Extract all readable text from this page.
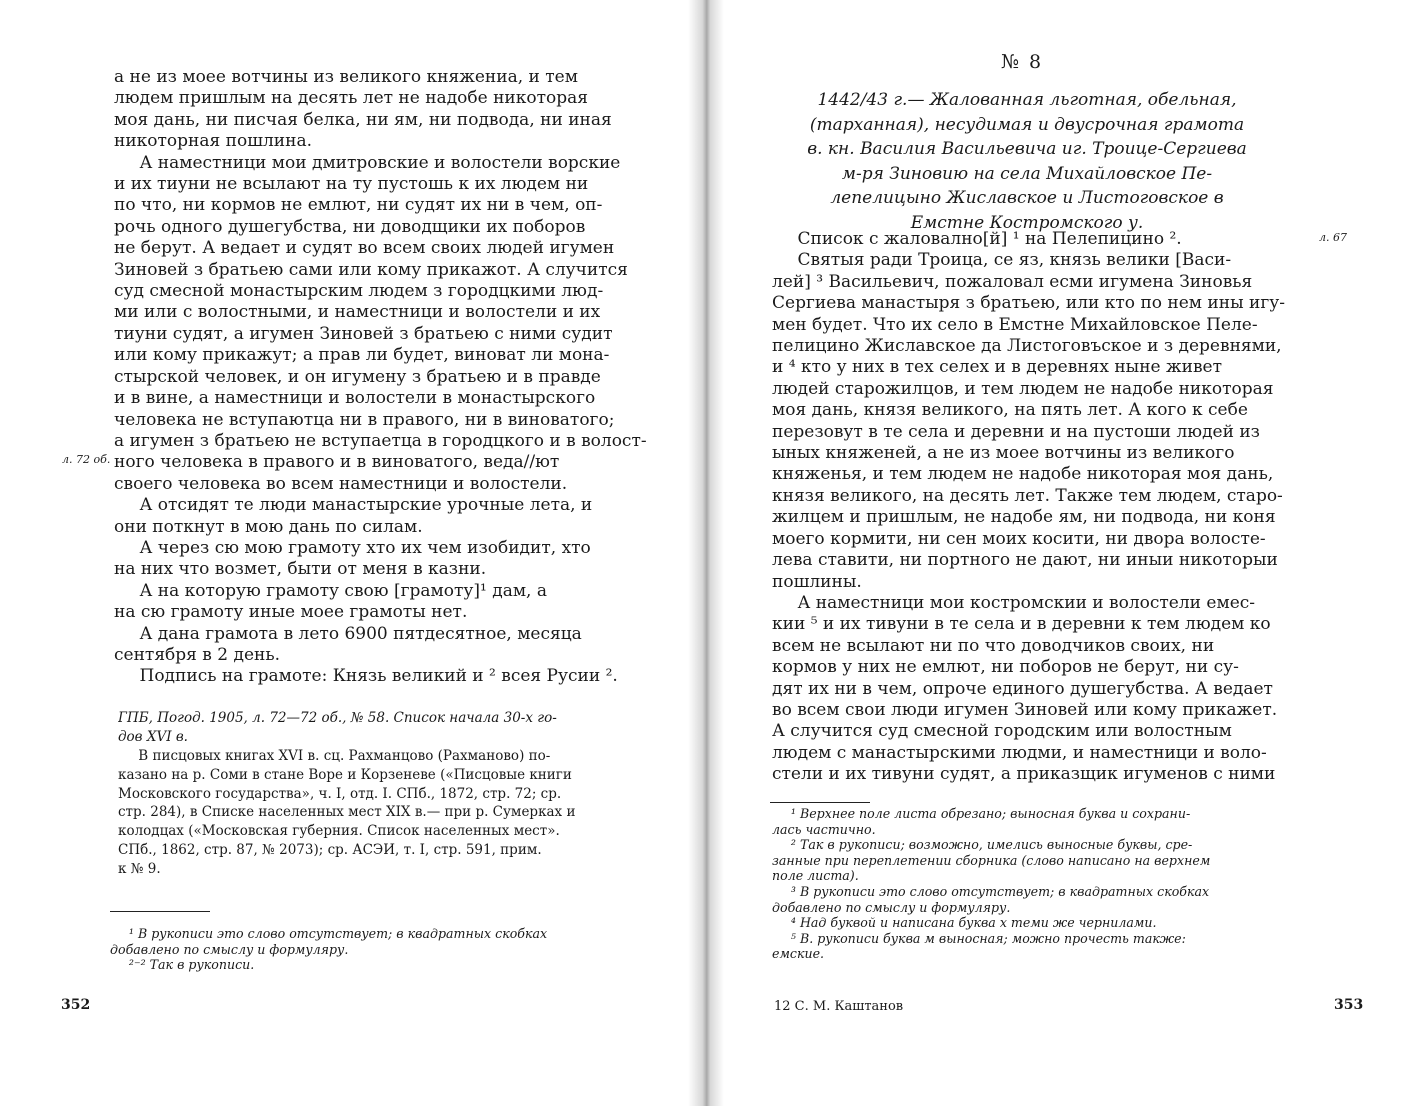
а не из моее вотчины из великого княжениа, и тем
людем пришлым на десять лет не надобе никоторая
моя дань, ни писчая белка, ни ям, ни подвода, ни иная
никоторная пошлина.
  А наместници мои дмитровские и волостели ворские
и их тиуни не всылают на ту пустошь к их людем ни
по что, ни кормов не емлют, ни судят их ни в чем, оп-
рочь одного душегубства, ни доводщики их поборов
не берут. А ведает и судят во всем своих людей игумен
Зиновей з братьею сами или кому прикажот. А случится
суд смесной монастырским людем з городцкими люд-
ми или с волостными, и наместници и волостели и их
тиуни судят, а игумен Зиновей з братьею с ними судит
или кому прикажут; а прав ли будет, виноват ли мона-
стырской человек, и он игумену з братьею и в правде
и в вине, а наместници и волостели в монастырского
человека не вступаютца ни в правого, ни в виноватого;
а игумен з братьею не вступаетца в городцкого и в волост-
ного человека в правого и в виноватого, веда//ют
своего человека во всем наместници и волостели.
  А отсидят те люди манастырские урочные лета, и
они поткнут в мою дань по силам.
  А через сю мою грамоту хто их чем изобидит, хто
на них что возмет, быти от меня в казни.
  А на которую грамоту свою [грамоту]¹ дам, а
на сю грамоту иные моее грамоты нет.
  А дана грамота в лето 6900 пятдесятное, месяца
сентября в 2 день.
  Подпись на грамоте: Князь великий и ² всея Русии ².
л. 72 об.
ГПБ, Погод. 1905, л. 72—72 об., № 58. Список начала 30-х го-
дов XVI в.
  В писцовых книгах XVI в. сц. Рахманцово (Рахманово) по-
казано на р. Соми в стане Воре и Корзеневе («Писцовые книги
Московского государства», ч. I, отд. I. СПб., 1872, стр. 72; ср.
стр. 284), в Списке населенных мест XIX в.— при р. Сумерках и
колодцах («Московская губерния. Список населенных мест».
СПб., 1862, стр. 87, № 2073); ср. АСЭИ, т. I, стр. 591, прим.
к № 9.
  ¹ В рукописи это слово отсутствует; в квадратных скобках
добавлено по смыслу и формуляру.
  ²⁻² Так в рукописи.
352
№ 8
1442/43 г.— Жалованная льготная, обельная,
(тарханная), несудимая и двусрочная грамота
в. кн. Василия Васильевича иг. Троице-Сергиева
м-ря Зиновию на села Михайловское Пе-
лепелицыно Жиславское и Листоговское в
Емстне Костромского у.
л. 67
  Список с жаловално[й] ¹ на Пелепицино ².
  Святыя ради Троица, се яз, князь велики [Васи-
лей] ³ Васильевич, пожаловал есми игумена Зиновья
Сергиева манастыря з братьею, или кто по нем ины игу-
мен будет. Что их село в Емстне Михайловское Пеле-
пелицино Жиславское да Листоговъское и з деревнями,
и ⁴ кто у них в тех селех и в деревнях ныне живет
людей старожилцов, и тем людем не надобе никоторая
моя дань, князя великого, на пять лет. А кого к себе
перезовут в те села и деревни и на пустоши людей из
ыных княженей, а не из моее вотчины из великого
княженья, и тем людем не надобе никоторая моя дань,
князя великого, на десять лет. Также тем людем, старо-
жилцем и пришлым, не надобе ям, ни подвода, ни коня
моего кормити, ни сен моих косити, ни двора волосте-
лева ставити, ни портного не дают, ни иныи никоторыи
пошлины.
  А наместници мои костромскии и волостели емес-
кии ⁵ и их тивуни в те села и в деревни к тем людем ко
всем не всылают ни по что доводчиков своих, ни
кормов у них не емлют, ни поборов не берут, ни су-
дят их ни в чем, опроче единого душегубства. А ведает
во всем свои люди игумен Зиновей или кому прикажет.
А случится суд смесной городским или волостным
людем с манастырскими людми, и наместници и воло-
стели и их тивуни судят, а приказщик игуменов с ними
  ¹ Верхнее поле листа обрезано; выносная буква и сохрани-
лась частично.
  ² Так в рукописи; возможно, имелись выносные буквы, сре-
занные при переплетении сборника (слово написано на верхнем
поле листа).
  ³ В рукописи это слово отсутствует; в квадратных скобках
добавлено по смыслу и формуляру.
  ⁴ Над буквой и написана буква х теми же чернилами.
  ⁵ В. рукописи буква м выносная; можно прочесть также:
емские.
12 С. М. Каштанов	353
